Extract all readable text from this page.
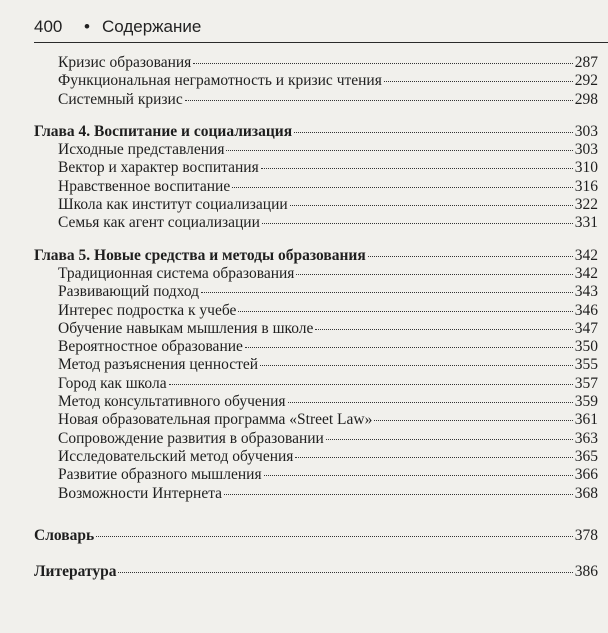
400 • Содержание
Кризис образования	287
Функциональная неграмотность и кризис чтения	292
Системный кризис	298
Глава 4. Воспитание и социализация	303
Исходные представления	303
Вектор и характер воспитания	310
Нравственное воспитание	316
Школа как институт социализации	322
Семья как агент социализации	331
Глава 5. Новые средства и методы образования	342
Традиционная система образования	342
Развивающий подход	343
Интерес подростка к учебе	346
Обучение навыкам мышления в школе	347
Вероятностное образование	350
Метод разъяснения ценностей	355
Город как школа	357
Метод консультативного обучения	359
Новая образовательная программа «Street Law»	361
Сопровождение развития в образовании	363
Исследовательский метод обучения	365
Развитие образного мышления	366
Возможности Интернета	368
Словарь	378
Литература	386
